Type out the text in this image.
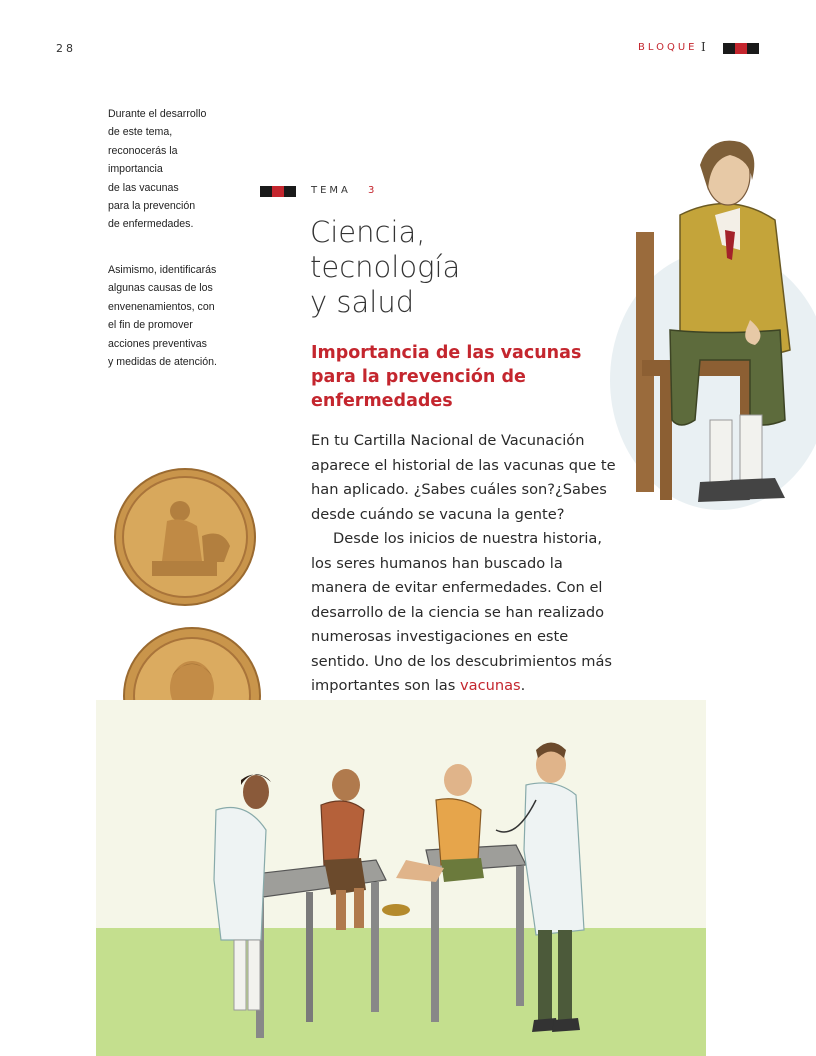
28	BLOQUE I
Durante el desarrollo
de este tema,
reconocerás la
importancia
de las vacunas
para la prevención
de enfermedades.
Asimismo, identificarás
algunas causas de los
envenenamientos, con
el fin de promover
acciones preventivas
y medidas de atención.
TEMA 3
Ciencia,
tecnología
y salud
Importancia de las vacunas
para la prevención de
enfermedades
En tu Cartilla Nacional de Vacunación
aparece el historial de las vacunas que te
han aplicado. ¿Sabes cuáles son?¿Sabes
desde cuándo se vacuna la gente?
Desde los inicios de nuestra historia,
los seres humanos han buscado la
manera de evitar enfermedades. Con el
desarrollo de la ciencia se han realizado
numerosas investigaciones en este
sentido. Uno de los descubrimientos más
importantes son las vacunas.
